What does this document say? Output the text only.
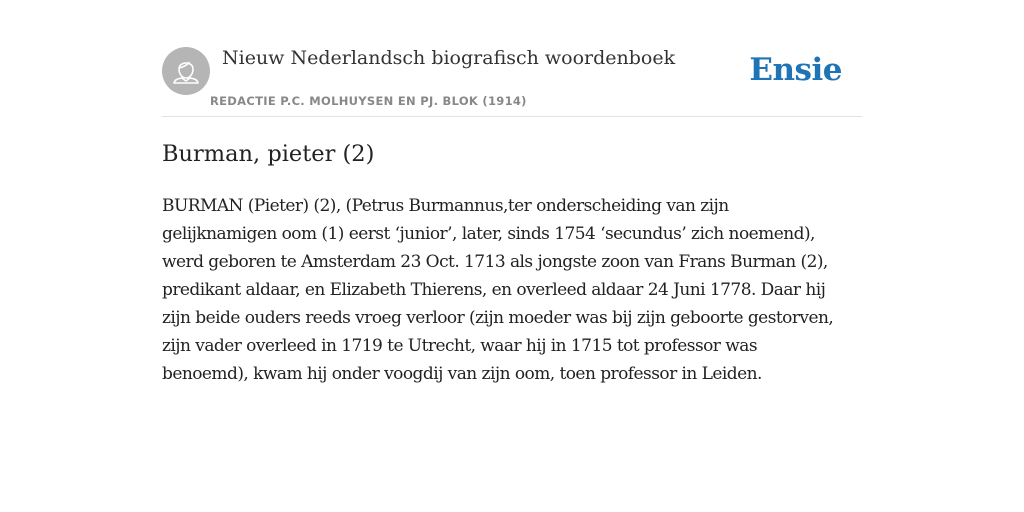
Nieuw Nederlandsch biografisch woordenboek

REDACTIE P.C. MOLHUYSEN EN PJ. BLOK (1914)

Ensie
Burman, pieter (2)

BURMAN (Pieter) (2), (Petrus Burmannus,ter onderscheiding van zijn
gelijknamigen oom (1) eerst ‘junior’, later, sinds 1754 ‘secundus’ zich noemend),
werd geboren te Amsterdam 23 Oct. 1713 als jongste zoon van Frans Burman (2),
predikant aldaar, en Elizabeth Thierens, en overleed aldaar 24 Juni 1778. Daar hij
zijn beide ouders reeds vroeg verloor (zijn moeder was bij zijn geboorte gestorven,
zijn vader overleed in 1719 te Utrecht, waar hij in 1715 tot professor was
benoemd), kwam hij onder voogdij van zijn oom, toen professor in Leiden.
